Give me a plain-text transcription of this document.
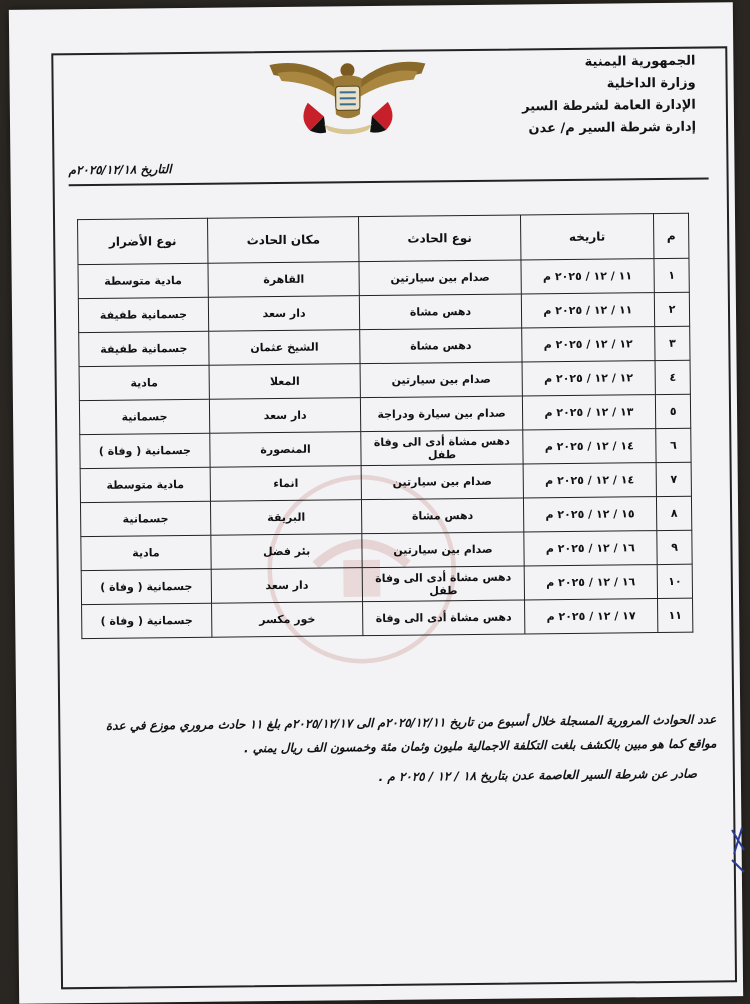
الجمهورية اليمنية
وزارة الداخلية
الإدارة العامة لشرطة السير
إدارة شرطة السير م/ عدن
التاريخ ٢٠٢٥/١٢/١٨م
م	تاريخه	نوع الحادث	مكان الحادث	نوع الأضرار
١	١١ / ١٢ / ٢٠٢٥ م	صدام بين سيارتين	القاهرة	مادية متوسطة
٢	١١ / ١٢ / ٢٠٢٥ م	دهس مشاة	دار سعد	جسمانية طفيفة
٣	١٢ / ١٢ / ٢٠٢٥ م	دهس مشاة	الشيخ عثمان	جسمانية طفيفة
٤	١٢ / ١٢ / ٢٠٢٥ م	صدام بين سيارتين	المعلا	مادية
٥	١٣ / ١٢ / ٢٠٢٥ م	صدام بين سيارة ودراجة	دار سعد	جسمانية
٦	١٤ / ١٢ / ٢٠٢٥ م	دهس مشاة أدى الى وفاة طفل	المنصورة	جسمانية ( وفاة )
٧	١٤ / ١٢ / ٢٠٢٥ م	صدام بين سيارتين	انماء	مادية متوسطة
٨	١٥ / ١٢ / ٢٠٢٥ م	دهس مشاة	البريقة	جسمانية
٩	١٦ / ١٢ / ٢٠٢٥ م	صدام بين سيارتين	بئر فضل	مادية
١٠	١٦ / ١٢ / ٢٠٢٥ م	دهس مشاة أدى الى وفاة طفل	دار سعد	جسمانية ( وفاة )
١١	١٧ / ١٢ / ٢٠٢٥ م	دهس مشاة أدى الى وفاة	خور مكسر	جسمانية ( وفاة )
عدد الحوادث المرورية المسجلة خلال أسبوع من تاريخ ٢٠٢٥/١٢/١١م الى ٢٠٢٥/١٢/١٧م بلغ ١١ حادث مروري موزع في عدة مواقع كما هو مبين بالكشف بلغت التكلفة الاجمالية مليون وثمان مئة وخمسون الف ريال يمني .
صادر عن شرطة السير العاصمة عدن بتاريخ ١٨ / ١٢ / ٢٠٢٥ م .
